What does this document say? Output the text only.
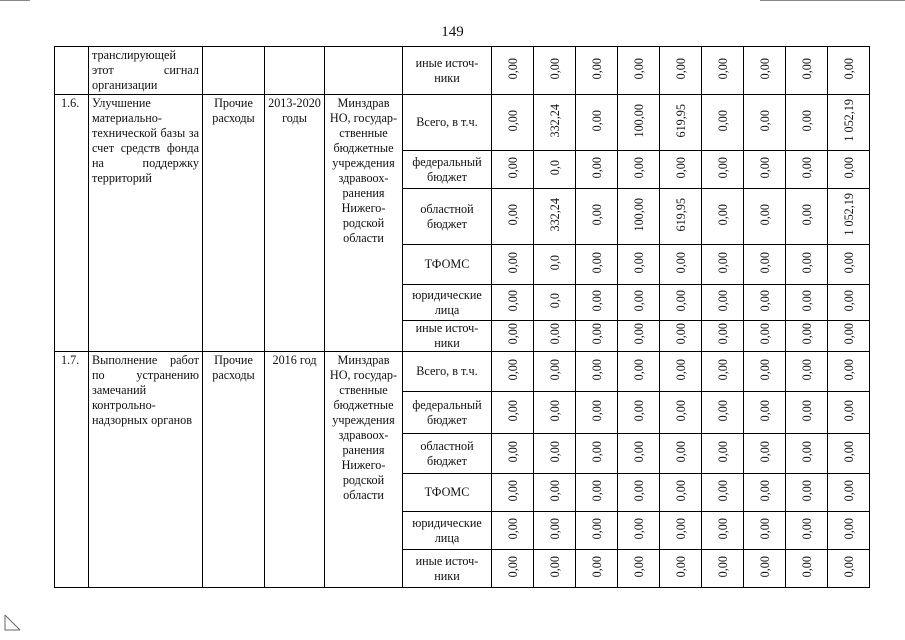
149
	транслирующей этот сигнал организации				иные источ-ники	0,00	0,00	0,00	0,00	0,00	0,00	0,00	0,00	0,00
1.6.	Улучшение материально-технической базы за счет средств фонда на поддержку территорий	Прочие расходы	2013-2020 годы	Минздрав НО, государ-ственные бюджетные учреждения здравоох-ранения Нижего-родской области	Всего, в т.ч.	0,00	332,24	0,00	100,00	619,95	0,00	0,00	0,00	1 052,19
					федеральный бюджет	0,00	0,0	0,00	0,00	0,00	0,00	0,00	0,00	0,00
					областной бюджет	0,00	332,24	0,00	100,00	619,95	0,00	0,00	0,00	1 052,19
					ТФОМС	0,00	0,0	0,00	0,00	0,00	0,00	0,00	0,00	0,00
					юридические лица	0,00	0,0	0,00	0,00	0,00	0,00	0,00	0,00	0,00
					иные источ-ники	0,00	0,00	0,00	0,00	0,00	0,00	0,00	0,00	0,00
1.7.	Выполнение работ по устранению замечаний контрольно-надзорных органов	Прочие расходы	2016 год	Минздрав НО, государ-ственные бюджетные учреждения здравоох-ранения Нижего-родской области	Всего, в т.ч.	0,00	0,00	0,00	0,00	0,00	0,00	0,00	0,00	0,00
					федеральный бюджет	0,00	0,00	0,00	0,00	0,00	0,00	0,00	0,00	0,00
					областной бюджет	0,00	0,00	0,00	0,00	0,00	0,00	0,00	0,00	0,00
					ТФОМС	0,00	0,00	0,00	0,00	0,00	0,00	0,00	0,00	0,00
					юридические лица	0,00	0,00	0,00	0,00	0,00	0,00	0,00	0,00	0,00
					иные источ-ники	0,00	0,00	0,00	0,00	0,00	0,00	0,00	0,00	0,00
